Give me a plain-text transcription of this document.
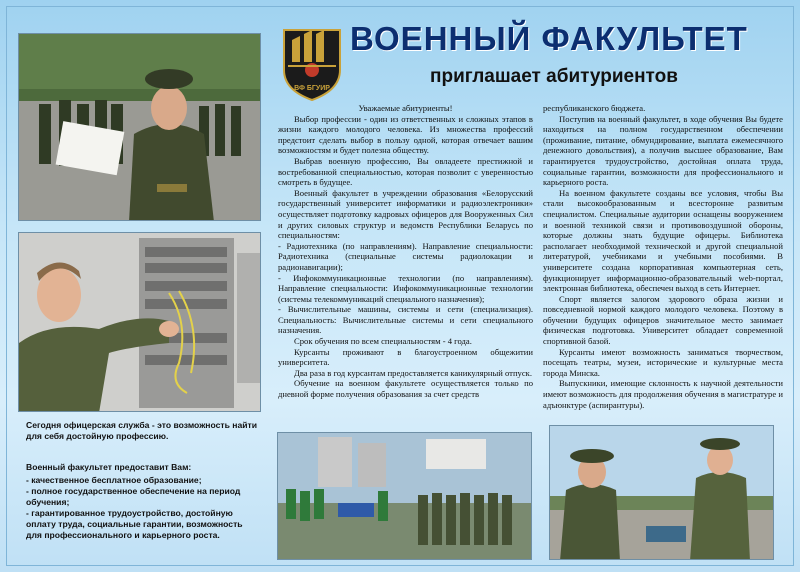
ВФ БГУИР
ВОЕННЫЙ ФАКУЛЬТЕТ
приглашает абитуриентов

Уважаемые абитуриенты!

Выбор профессии - один из ответственных и сложных этапов в жизни каждого молодого человека. Из множества профессий предстоит сделать выбор в пользу одной, которая отвечает вашим возможностям и будет полезна обществу.

Выбрав военную профессию, Вы овладеете престижной и востребованной специальностью, которая позволит с уверенностью смотреть в будущее.

Военный факультет в учреждении образования «Белорусский государственный университет информатики и радиоэлектроники» осуществляет подготовку кадровых офицеров для Вооруженных Сил и других силовых структур и ведомств Республики Беларусь по специальностям:

- Радиотехника (по направлениям). Направление специальности: Радиотехника (специальные системы радиолокации и радионавигации);

- Инфокоммуникационные технологии (по направлениям). Направление специальности: Инфокоммуникационные технологии (системы телекоммуникаций специального назначения);

- Вычислительные машины, системы и сети (специализация). Специальность: Вычислительные системы и сети специального назначения.

Срок обучения по всем специальностям - 4 года.

Курсанты проживают в благоустроенном общежитии университета.

Два раза в год курсантам предоставляется каникулярный отпуск.

Обучение на военном факультете осуществляется только по дневной форме получения образования за счет средств

республиканского бюджета.

Поступив на военный факультет, в ходе обучения Вы будете находиться на полном государственном обеспечении (проживание, питание, обмундирование, выплата ежемесячного денежного довольствия), а получив высшее образование, Вам гарантируется трудоустройство, достойная оплата труда, социальные гарантии, возможности для профессионального и карьерного роста.

На военном факультете созданы все условия, чтобы Вы стали высокообразованным и всесторонне развитым специалистом. Специальные аудитории оснащены вооружением и военной техникой связи и противовоздушной обороны, которые должны знать будущие офицеры. Библиотека располагает необходимой технической и другой специальной литературой, учебниками и учебными пособиями. В университете создана корпоративная компьютерная сеть, функционирует информационно-образовательный web-портал, электронная библиотека, обеспечен выход в сеть Интернет.

Спорт является залогом здорового образа жизни и повседневной нормой каждого молодого человека. Поэтому в обучении будущих офицеров значительное место занимает физическая подготовка. Университет обладает современной спортивной базой.

Курсанты имеют возможность заниматься творчеством, посещать театры, музеи, исторические и культурные места города Минска.

Выпускники, имеющие склонность к научной деятельности имеют возможность для продолжения обучения в магистратуре и адъюнктуре (аспирантуры).

Сегодня офицерская служба - это возможность найти для себя достойную профессию.

Военный факультет предоставит Вам:

- качественное бесплатное образование;

- полное государственное обеспечение на период обучения;

- гарантированное трудоустройство, достойную оплату труда, социальные гарантии, возможность для профессионального и карьерного роста.
